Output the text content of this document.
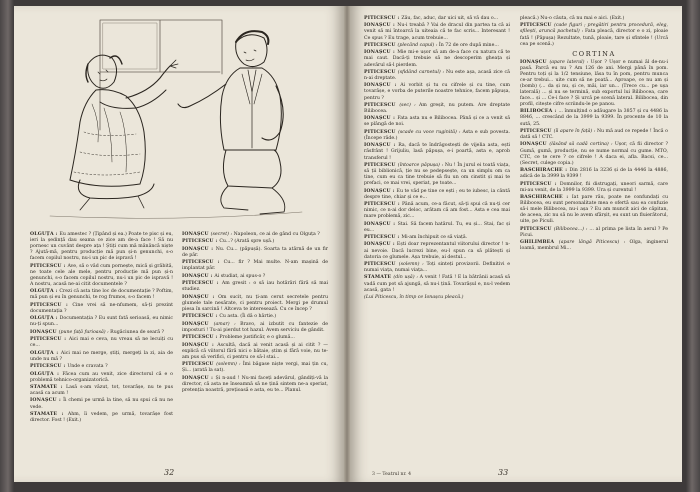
OLGUȚA : Eu amestec ? (Țipând și ea.) Poate te pisc și eu, ieri la ședință dau seama ce zice am de-a face ! Să nu pornesc un cuvânt despre ața ! Știți cum mă mănâncă niște ? Ajută-mă, pentru producție mă pun și-n genunchi, s-o facem copilul nostru, nu-i un pic de ispravă !

PITICESCU : Ave, să o văd cum pornește, mică și grăbită, ne toate cele ale mele, pentru producție mă pun și-n genunchi, s-o facem copilul nostru, nu-i un pic de ispravă ! A nostru, acasă ne-ai citit documentele ?

OLGUȚA : Crezi că asta tine loc de documentație ? Poftim, mă pun și eu în genunchi, te rog frumos, s-o facem !

PITICESCU : Cine vrei să ne-nfumem, să-ți prezint documentația ?

OLGUȚA : Documentația ? Eu sunt fată serioasă, eu nimic nu-ți spun...

IONAȘCU (pune față furioasă) : Rugăciunea de seară ?

PITICESCU : Aici mai e ceva, nu vreau să ne lecuiți cu ce...

OLGUȚA : Aici mai ne merge, știți, mergeți la zi, aia de unde nu mă ?

PITICESCU : Unde e cravata ?

OLGUȚA : Făcea cum au venit, zice directorul că e o problemă tehnico-organizatorică.

STAMATE : Lasă s-am văzut, tot, tovarășe, nu te pus acasă ca acum !

IONAȘCU : Îi chemi pe urmă la tine, să nu spui că nu ne vede.

STAMATE : Ahm, îi vedem, pe urmă, tovarășe fost director. Fost ! (Exit.)

IONAȘCU (secret) : Napoleon, ce ai de gând cu Olguța ?

PITICESCU : Cu...? (Arată spre ușă.)

IONAȘCU : Nu. Cu... (păpușă). Soarta ta atârnă de un fir de păr.

PITICESCU : Cu... fir ? Mai multe. N-am mașină de implantat păr.

IONAȘCU : Ai studiat, ai spus-o ?

PITICESCU : Am gresit : o să iau hotărâri fără să mai studiez.

IONAȘCU : Om sucit, nu ți-am cerut secretele pentru glumele tale nesărate, ci pentru proiect. Mergi pe drumul piesa în sarcină ! Altceva te interesează. Cu ce încep ?

PITICESCU : Cu asta. (Îi dă o hârtie.)

IONAȘCU (amar) : Bravo, ai izbutit cu fantezie de imposturi ! Tu-ai pierdut tot hazul. Avem serviciu de gândit.

PITICESCU : Probleme justificăr, e o glumă...

IONAȘCU : Ascultă, dacă ai venit acasă și ai citit ? — explică că viitorul fără nici o bătaie, știm și fără voie, nu te-am pus să verifici, ci pentru ce să-l stai...

PITICESCU (solemn) : Îmi băgase niște vergi, mai țin cu, Și... (arată la sat).

IONAȘCU : Și n-aud ! Nu-mi faceți adevărul, gândiți-vă la director, că asta ne înseamnă să ne țină sintem ne-a speriat, pretenția noastră, prețioasă e asta, eu te... Planul.

32

PITICESCU : Zău, fac, aduc, dar uici uit, să vă dau o...

IONAȘCU : Nu-i treabă ? Vai de dracul din partea ta că ai venit să mi întoarcă la uiteaia că te fac scris... Interesant ! Ce spus ? Eu trage, acum trebuie...

PITICESCU (plecând capul) : În 72 de ore după mine...

IONAȘCU : Mie mi-e ușor să am de-a face cu natura că te mai caut. Dacă-ți trebuie să ne descoperim gheața și adevărul să-l pierdem.

PITICESCU (sfidând carnetul) : Nu este așa, acasă zice că n-ai dreptate.

IONAȘCU : Ai vorbit și tu cu cifrele și cu tine, cum tovarășe, e vorba de puterile noastre tehnice, facem păpușa, pentru ?

PITICESCU (sec) : Am greșit, nu putem. Are dreptate Bilibocea.

IONAȘCU : Fata asta nu e Bilibocea. Până și ce a venit să se plângă de noi.

PITICESCU (scade cu voce ruginită) : Asta e sub povesta. (Începe râde.)

IONAȘCU : Ra, dacă te îndrăgostești de vijelia asta, ești răsfrânt ! Grijuliu, lasă păpușa, e-i poartă, asta e, aprob transferul !

PITICESCU (întoarce păpușa) : Nu ! În jurul ei toată viața, să ții biblionică, ție nu se pedepsește, ca un simplu om ca tine, cum eu ca tine trebuie să fiu un om cinstit și mai te prefaci, ce mai vrei, speriat, pe toate...

IONAȘCU : Eu te văd pe tine ce ești ; eu te iubesc, ia cântă despre tine, chiar și ce e...

PITICESCU : Până acum, ce-a făcut, să-ți spui că nu-ți cer nimic, ce n-ai dor deloc, arătam că am fost... Asta e cea mai mare problemă, zic...

IONAȘCU : Stai. Să facem hatârul. Tu, eu și... Stai, fac și eu...

PITICESCU : Mi-am închipuit ce să viață.

IONAȘCU : Ești doar reprezentantul viitorului director ! n-ai nevoie. Dacă lucrezi bine, eu-l spun ca să plătești și datoria ce glumele. Așa trebuie, ai destul...

PITICESCU (solemn) : Toți sinteți provizorii. Definitivi e numai viața, numai viața...

STAMATE (din ușă) : A venit ! Fată ! E la bătrânii acasă să vadă cum pot să ajungă, să nu-i țină. Tovarășul e, nu-l vedem acasă, gata !

(Lui Piticescu, în timp ce Ionașcu pleacă.)

pleacă.) Nu-o căuta, că nu mai e aici. (Exit.)

PITICESCU (cade figuri ; pregătiri pentru procedură, eleg, sfilești, aruncă pachetul) : Fata pleacă, director e o zi, ploaie fată ! (Păpușa) Rezultate, tună, ploaie, tare și sfintele ! (Urcă cea pe scenă.)

CORTINA

IONAȘCU (apare lateral) : Ușor ? Ușor e numai ăl de-nu-i pasă. Parcă eu nu ? Am 126 de ani. Mergi până în pom. Pentru toți și la 1/2 tensiune, lăsa tu în pom, pentru munca ce-ar trebui... uite cum să ne poată... Aproape, ce nu am și (bomb) (... da și nu, și ce, măi, iar un... (Trece cu... pe ușa laterală) ... și nu se termină, sub exportul lui Bilibocea, care face... și ... Ce-i face ? Și urcă pe scenă lateral. Bilibocea, din profil, citește cifre scriindu-le pe panou.

BILIBOCEA : ... înmulțind o adăugare la 3857 și cu 4486 la 8846, ... crescând de la 3999 la 9399. În procente de 10 la sută, 25.

PITICESCU (îi apare în față) : Nu mă aud ce repede ! Încă o dată să ! CTC.

IONAȘCU (lăsând să cadă cortina) : Ușor, că fii director ? Gumă, gumă, producție, nu se nume normal cu gume. MTO, CTC, ce te cere ? ce cifrele ! A daca ei, afla. Bacsi, ce... (Secret, culege copia.)

BASCHIRACHE : Din 2816 la 3236 și de la 4446 la 4886, adică de la 3999 la 9399 !

PITICESCU : Domnilor, fii distrugați, uneori sarmă, care mi-au venit, de la 3999 la 9399. Ura și curentul !

BASCHIRACHE : Iat pare rău, poate ne confundați cu Bilibocea, eu sunt personalitate mea e ofertă sau ea confuzie să-i mele Bilibocea, nu-i așa ? Eu am muncit aici de căpitan, de aceea, zic nu să nu le avem sfârșit, eu sunt un fluierătorul, uite, pe Piculi.

PITICESCU (Bilibocea...) : ... al prima pe lista în aerul ? Pe Picui.

GHILIMBEA (apare lângă Piticescu) : Olga, inginerul loamă, membrul Mi...

3 — Teatrul nr. 4	33
